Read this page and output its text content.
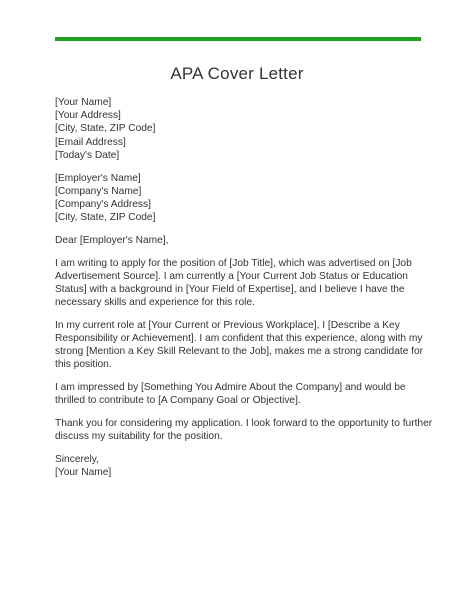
APA Cover Letter
[Your Name]
[Your Address]
[City, State, ZIP Code]
[Email Address]
[Today's Date]
[Employer's Name]
[Company's Name]
[Company's Address]
[City, State, ZIP Code]
Dear [Employer's Name],
I am writing to apply for the position of [Job Title], which was advertised on [Job
Advertisement Source]. I am currently a [Your Current Job Status or Education
Status] with a background in [Your Field of Expertise], and I believe I have the
necessary skills and experience for this role.
In my current role at [Your Current or Previous Workplace], I [Describe a Key
Responsibility or Achievement]. I am confident that this experience, along with my
strong [Mention a Key Skill Relevant to the Job], makes me a strong candidate for
this position.
I am impressed by [Something You Admire About the Company] and would be
thrilled to contribute to [A Company Goal or Objective].
Thank you for considering my application. I look forward to the opportunity to further
discuss my suitability for the position.
Sincerely,
[Your Name]
